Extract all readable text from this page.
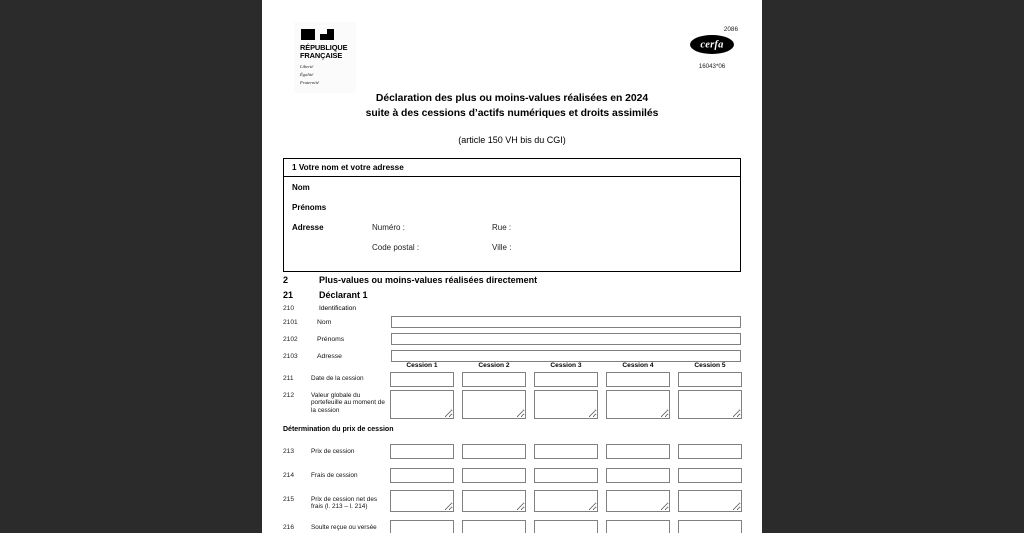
RÉPUBLIQUE
FRANÇAISE
Liberté
Égalité
Fraternité
2086
cerfa
16043*06
Déclaration des plus ou moins-values réalisées en 2024
suite à des cessions d’actifs numériques et droits assimilés
(article 150 VH bis du CGI)
1 Votre nom et votre adresse
Nom
Prénoms
Adresse	Numéro :	Rue :
Code postal :	Ville :
2	Plus-values ou moins-values réalisées directement
21	Déclarant 1
210	Identification
2101	Nom
2102	Prénoms
2103	Adresse
Cession 1	Cession 2	Cession 3	Cession 4	Cession 5
211	Date de la cession
212	Valeur globale du portefeuille au moment de la cession
Détermination du prix de cession
213	Prix de cession
214	Frais de cession
215	Prix de cession net des frais (l. 213 – l. 214)
216	Soulte reçue ou versée
